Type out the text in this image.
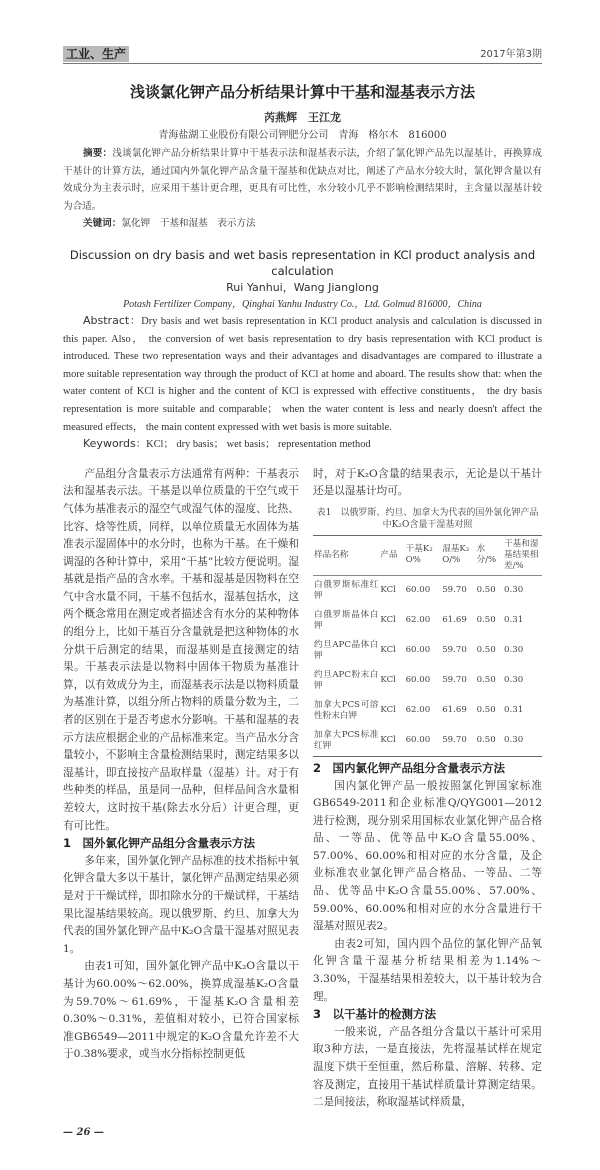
工业、生产	2017年第3期
浅谈氯化钾产品分析结果计算中干基和湿基表示方法
芮燕辉　王江龙
青海盐湖工业股份有限公司钾肥分公司　青海　格尔木　816000
摘要：浅谈氯化钾产品分析结果计算中干基表示法和湿基表示法，介绍了氯化钾产品先以湿基计，再换算成干基计的计算方法，通过国内外氯化钾产品含量干湿基和优缺点对比，阐述了产品水分较大时，氯化钾含量以有效成分为主表示时，应采用干基计更合理，更具有可比性，水分较小几乎不影响检测结果时，主含量以湿基计较为合适。
关键词：氯化钾　干基和湿基　表示方法
Discussion on dry basis and wet basis representation in KCl product analysis and calculation
Rui Yanhui，Wang Jianglong
Potash Fertilizer Company，Qinghai Yanhu Industry Co.，Ltd. Golmud 816000，China
Abstract：Dry basis and wet basis representation in KCl product analysis and calculation is discussed in this paper. Also， the conversion of wet basis representation to dry basis representation with KCl product is introduced. These two representation ways and their advantages and disadvantages are compared to illustrate a more suitable representation way through the product of KCl at home and aboard. The results show that: when the water content of KCl is higher and the content of KCl is expressed with effective constituents， the dry basis representation is more suitable and comparable； when the water content is less and nearly doesn't affect the measured effects， the main content expressed with wet basis is more suitable.
Keywords：KCl； dry basis； wet basis； representation method

产品组分含量表示方法通常有两种：干基表示法和湿基表示法。干基是以单位质量的干空气或干气体为基准表示的湿空气或湿气体的湿度、比热、比容、焓等性质，同样，以单位质量无水固体为基准表示湿固体中的水分时，也称为干基。在干燥和调湿的各种计算中，采用“干基”比较方便说明。湿基就是指产品的含水率。干基和湿基是因物料在空气中含水量不同，干基不包括水，湿基包括水，这两个概念常用在测定或者描述含有水分的某种物体的组分上，比如干基百分含量就是把这种物体的水分烘干后测定的结果，而湿基则是直接测定的结果。干基表示法是以物料中固体干物质为基准计算，以有效成分为主，而湿基表示法是以物料质量为基准计算，以组分所占物料的质量分数为主，二者的区别在于是否考虑水分影响。干基和湿基的表示方法应根据企业的产品标准来定。当产品水分含量较小，不影响主含量检测结果时，测定结果多以湿基计，即直接按产品取样量（湿基）计。对于有些种类的样品，虽是同一品种，但样品间含水量相差较大，这时按干基(除去水分后）计更合理，更有可比性。

1　国外氯化钾产品组分含量表示方法

多年来，国外氯化钾产品标准的技术指标中氧化钾含量大多以干基计，氯化钾产品测定结果必须是对于干燥试样，即扣除水分的干燥试样，干基结果比湿基结果较高。现以俄罗斯、约旦、加拿大为代表的国外氯化钾产品中K₂O含量干湿基对照见表1。

由表1可知，国外氯化钾产品中K₂O含量以干基计为60.00%～62.00%，换算成湿基K₂O含量为59.70%～61.69%，干湿基K₂O含量相差0.30%～0.31%，差值相对较小，已符合国家标准GB6549—2011中规定的K₂O含量允许差不大于0.38%要求，或当水分指标控制更低

时，对于K₂O含量的结果表示，无论是以干基计还是以湿基计均可。

表1　以俄罗斯、约旦、加拿大为代表的国外氯化钾产品中K₂O含量干湿基对照
样品名称	产品	干基K₂O%	湿基K₂O/%	水分/%	干基和湿基结果相差/%
白俄罗斯标准红钾	KCl	60.00	59.70	0.50	0.30
白俄罗斯晶体白钾	KCl	62.00	61.69	0.50	0.31
约旦APC晶体白钾	KCl	60.00	59.70	0.50	0.30
约旦APC粉末白钾	KCl	60.00	59.70	0.50	0.30
加拿大PCS可溶性粉末白钾	KCl	62.00	61.69	0.50	0.31
加拿大PCS标准红钾	KCl	60.00	59.70	0.50	0.30
2　国内氯化钾产品组分含量表示方法

国内氯化钾产品一般按照氯化钾国家标准GB6549-2011和企业标准Q/QYG001—2012进行检测，现分别采用国标农业氯化钾产品合格品、一等品、优等品中K₂O含量55.00%、57.00%、60.00%和相对应的水分含量，及企业标准农业氯化钾产品合格品、一等品、二等品、优等品中K₂O含量55.00%、57.00%、59.00%、60.00%和相对应的水分含量进行干湿基对照见表2。

由表2可知，国内四个品位的氯化钾产品氧化钾含量干湿基分析结果相差为1.14%～3.30%，干湿基结果相差较大，以干基计较为合理。

3　以干基计的检测方法

一般来说，产品各组分含量以干基计可采用取3种方法，一是直接法，先将湿基试样在规定温度下烘干至恒重，然后称量、溶解、转移、定容及测定，直接用干基试样质量计算测定结果。二是间接法，称取湿基试样质量，

— 26 —
